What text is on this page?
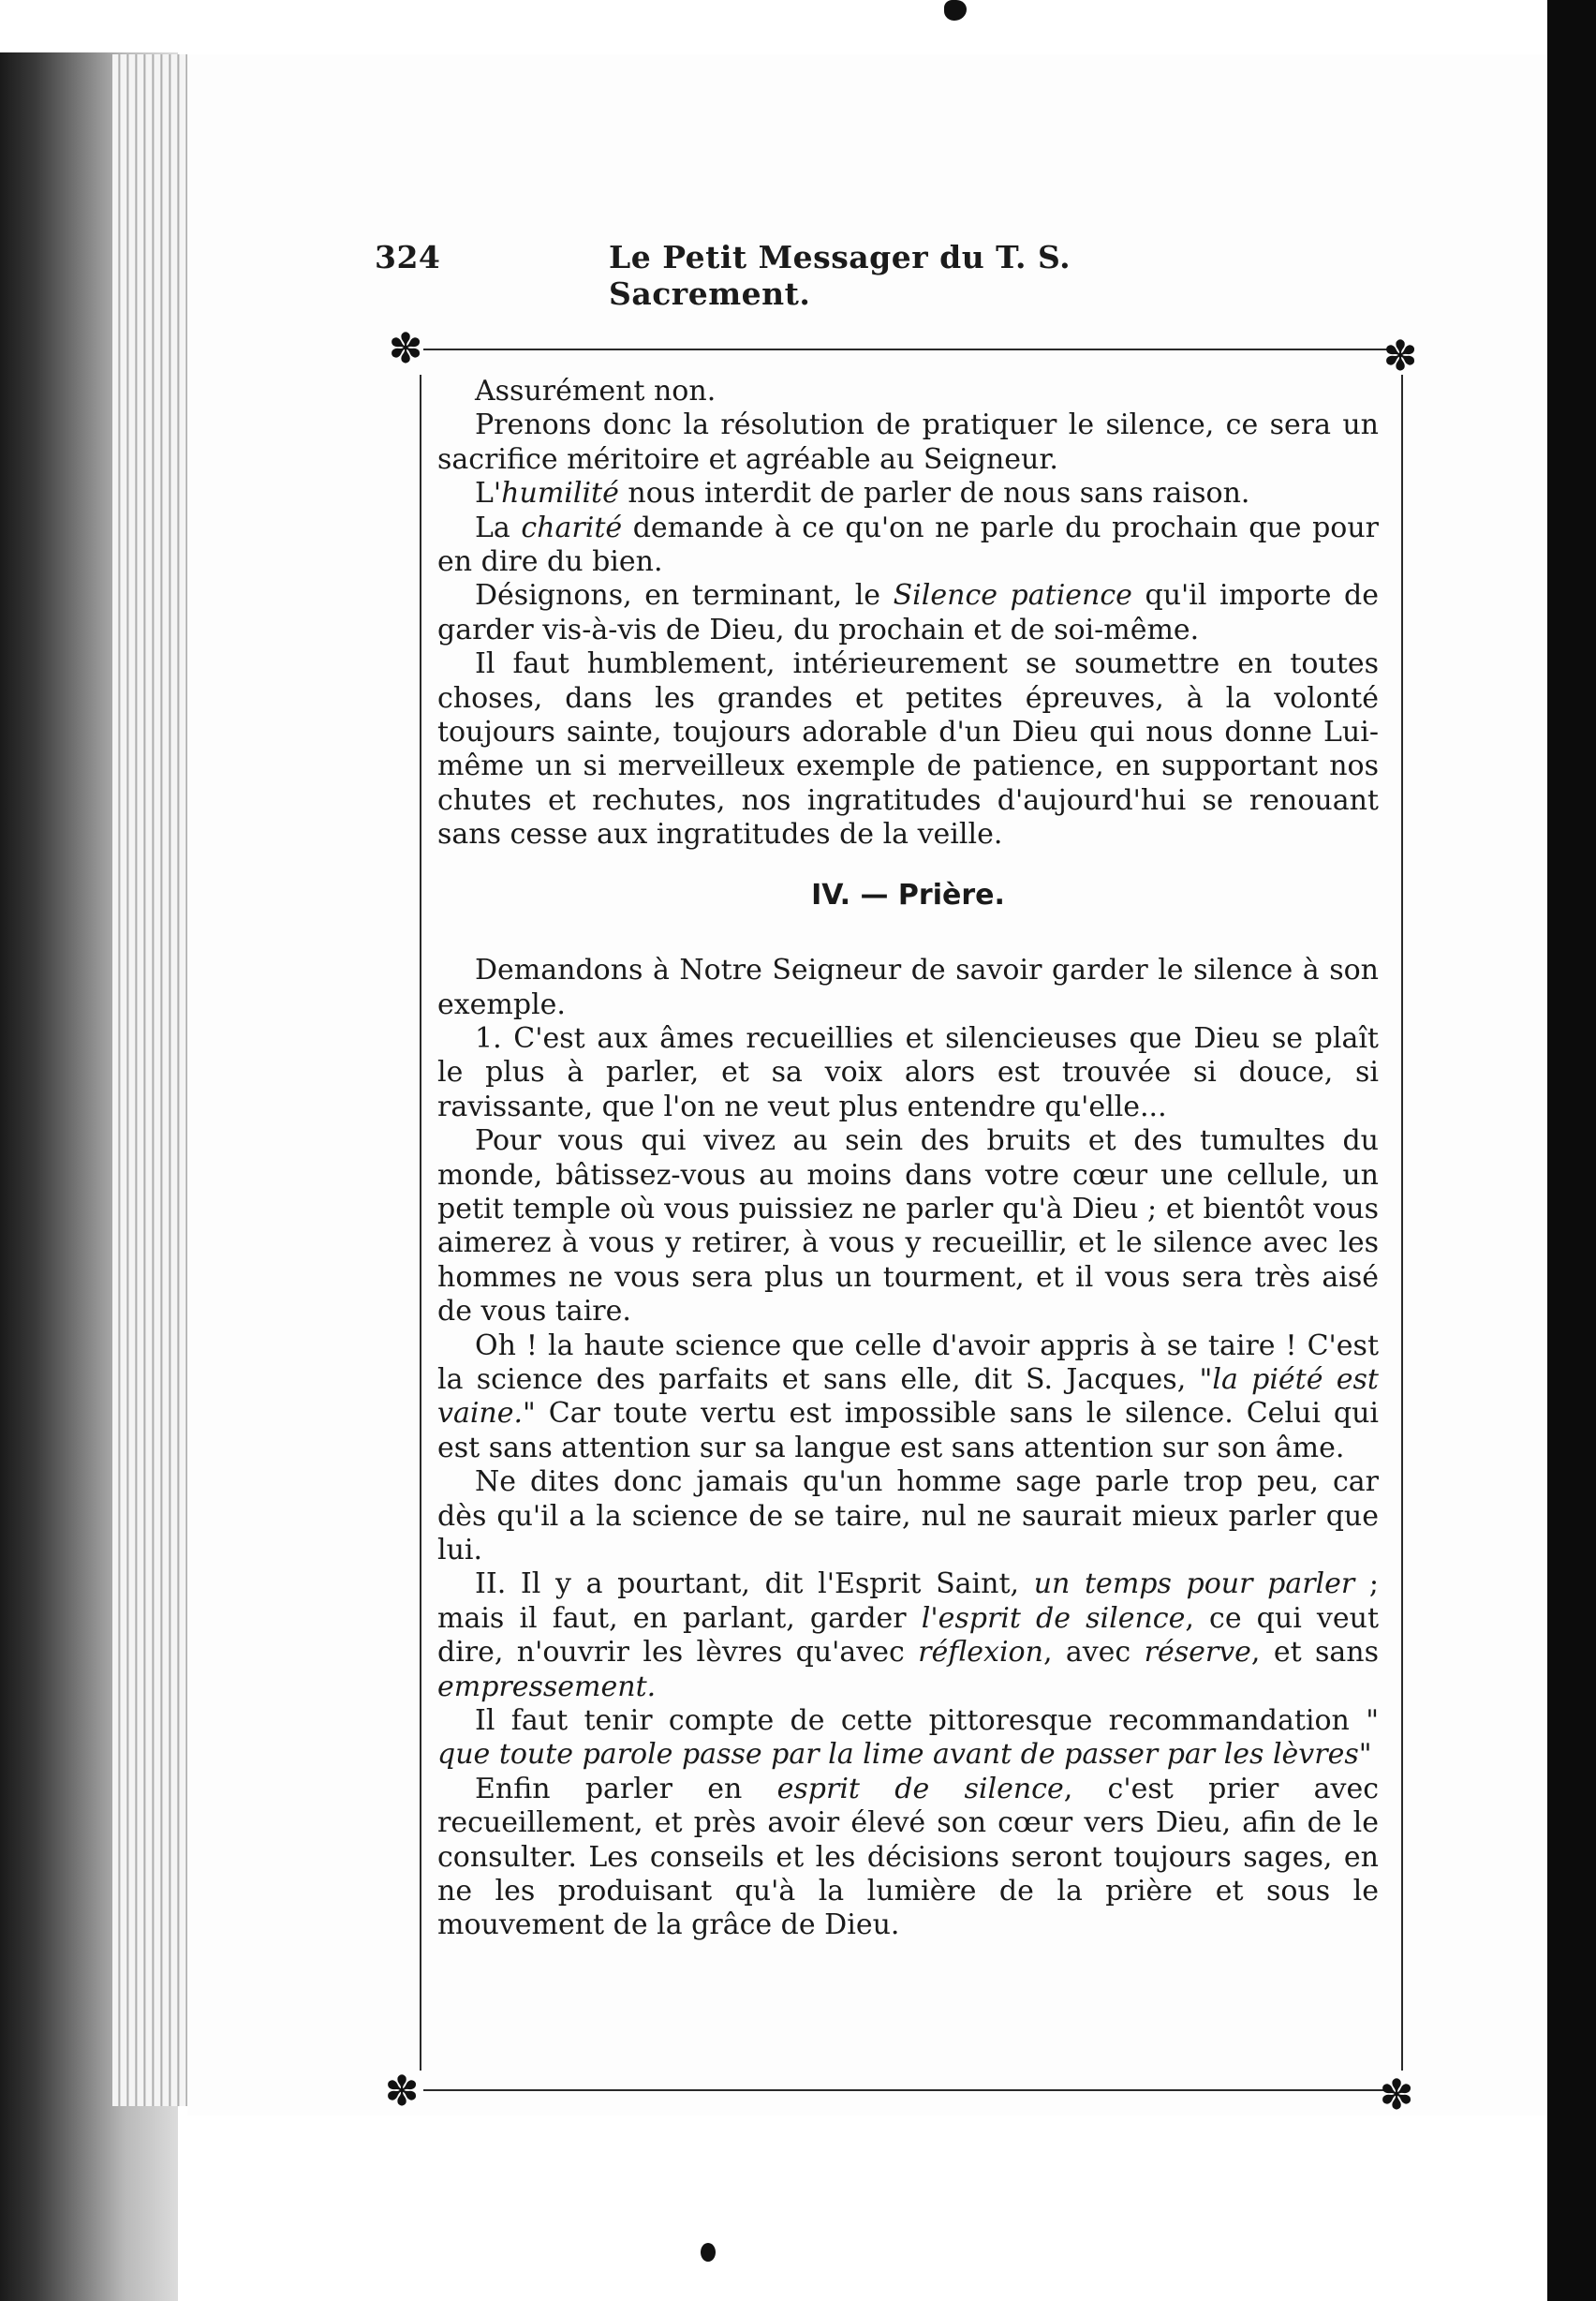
324	Le Petit Messager du T. S. Sacrement.
✽	✽
✽	✽

Assurément non.

Prenons donc la résolution de pratiquer le silence, ce sera un sacrifice méritoire et agréable au Seigneur.

L'humilité nous interdit de parler de nous sans raison.

La charité demande à ce qu'on ne parle du prochain que pour en dire du bien.

Désignons, en terminant, le Silence patience qu'il importe de garder vis-à-vis de Dieu, du prochain et de soi-même.

Il faut humblement, intérieurement se soumettre en toutes choses, dans les grandes et petites épreuves, à la volonté toujours sainte, toujours adorable d'un Dieu qui nous donne Lui-même un si merveilleux exemple de patience, en supportant nos chutes et rechutes, nos ingratitudes d'aujourd'hui se renouant sans cesse aux ingratitudes de la veille.

IV. — Prière.

Demandons à Notre Seigneur de savoir garder le silence à son exemple.

1. C'est aux âmes recueillies et silencieuses que Dieu se plaît le plus à parler, et sa voix alors est trouvée si douce, si ravissante, que l'on ne veut plus entendre qu'elle...

Pour vous qui vivez au sein des bruits et des tumultes du monde, bâtissez-vous au moins dans votre cœur une cellule, un petit temple où vous puissiez ne parler qu'à Dieu ; et bientôt vous aimerez à vous y retirer, à vous y recueillir, et le silence avec les hommes ne vous sera plus un tourment, et il vous sera très aisé de vous taire.

Oh ! la haute science que celle d'avoir appris à se taire ! C'est la science des parfaits et sans elle, dit S. Jacques, "la piété est vaine." Car toute vertu est impossible sans le silence. Celui qui est sans attention sur sa langue est sans attention sur son âme.

Ne dites donc jamais qu'un homme sage parle trop peu, car dès qu'il a la science de se taire, nul ne saurait mieux parler que lui.

II. Il y a pourtant, dit l'Esprit Saint, un temps pour parler ; mais il faut, en parlant, garder l'esprit de silence, ce qui veut dire, n'ouvrir les lèvres qu'avec réflexion, avec réserve, et sans empressement.

Il faut tenir compte de cette pittoresque recommandation " que toute parole passe par la lime avant de passer par les lèvres"

Enfin parler en esprit de silence, c'est prier avec recueillement, et près avoir élevé son cœur vers Dieu, afin de le consulter. Les conseils et les décisions seront toujours sages, en ne les produisant qu'à la lumière de la prière et sous le mouvement de la grâce de Dieu.
